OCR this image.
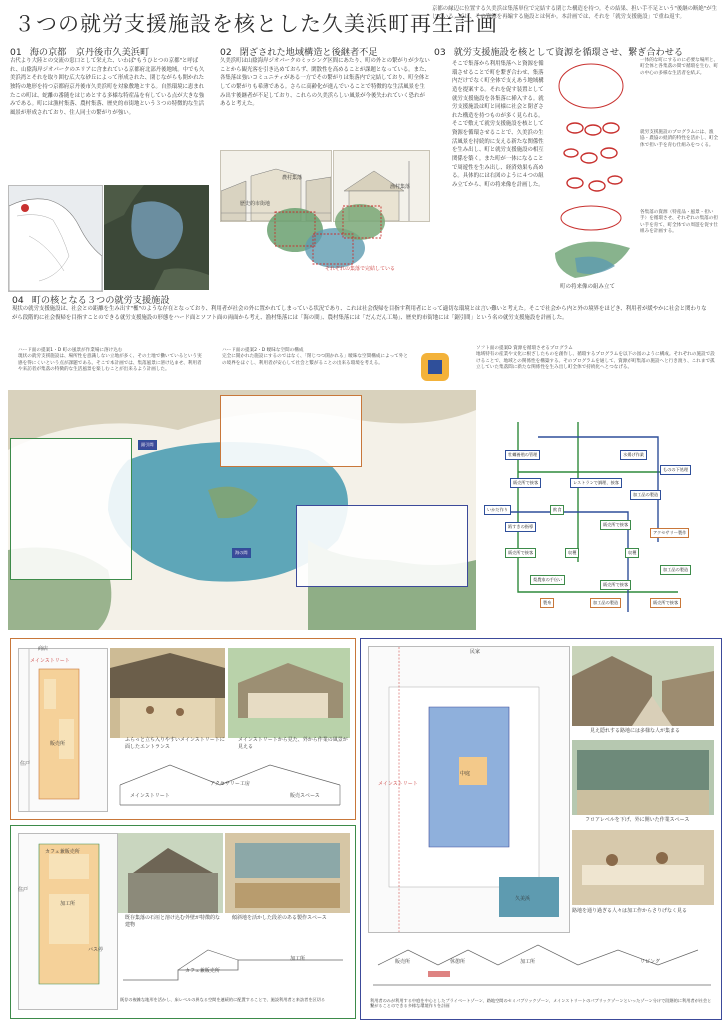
３つの就労支援施設を核とした久美浜町再生計画
京都の縁辺に位置する久美浜は集落単位で完結する閉じた構造を持つ。その結果、担い手不足という"後継の断絶"が生じている。では、その資源を再編する施設とは何か。本計画では、それを「就労支援施設」で重ね返す。
01 海の京都　京丹後市久美浜町
古代より大陸との交流の窓口として栄えた、いわば"もうひとつの京都"と呼ばれ、山陰海岸ジオパークのエリアに含まれている京都府北部丹後地域。中でも久美浜湾とそれを取り囲む広大な砂丘によって形成された、閉じながらも開かれた独特の地形を持つ京都府京丹後市久美浜町を対象敷地とする。自然環境に恵まれたこの町は、蛇離の番随をはじめとする多様な特産品を有している点が大きな強みである。町には漁村集落、農村集落、歴史的市街地という３つの特徴的な生活風景が形成されており、住人同士の繋がりが強い。
02 閉ざされた地域構造と後継者不足
久美浜町は山陰海岸ジオパークのミッシング区間にあたり、町の外との繋がりが少ないことから観光客を引き込めておらず、閑散性を高めることが課題となっている。また、各集落は強いコミュニティがある一方でその繋がりは集落内で完結しており、町全体としての繋がりも希薄である。さらに高齢化が進んでいることで特徴的な生活風景を生み出す後継者が不足しており、これらの久美浜らしい風景が今後失われていく恐れがあると考えた。
歴史的市街地
農村集落
漁村集落
それぞれの集落で完結している
03 就労支援施設を核として資源を循環させ、繋ぎ合わせる
そこで集落から利用集落へと資源を循環させることで町を繋ぎ合わせ、集落内だけでなく町全体で支えあう地域構造を提案する。それを促す装置として就労支援施設を各集落に挿入する。就労支援施設は町と同様に社会と閉ざされた構造を持つものが多く見られる。そこで敷えて就労支援施設を核として資源を循環させることで、久美浜の生活風景を持続的に支える新たな関係性を生み出し、町と就労支援施設の相互関係を築く。また町が一体になることで周遊性を生み出し、経済効果も高める。具体的には右図のように４つの組み立てから、町の将来像を計画した。
一体的な町にするのに必要な場所と、町全体と各集落の間で循環を生む、町の中心の多様な生活者を結ぶ。
就労支援施設のプログラムには、漁協・農協の経済的特性を活かし、町全体で担い手を育む仕組みをつくる。
各集落の資源（特産品・風景・担い手）を循環させ、それぞれの集落の担い手を育て、町全体での周遊を促す仕組みを計画する。
町の将来像の組み立て
04 町の核となる３つの就労支援施設
現状の就労支援施設は、社会との距離を生み出す"檻"のような存在となっており、利用者が社会の外に置かれてしまっている状況であり、これは社会復帰を目指す利用者にとって適切な環境とは言い難いと考えた。そこで社会から内と外の境界をほどき、利用者が緩やかに社会と関わりながら段階的に社会復帰を目指すことのできる就労支援施設の形態をハード面とソフト面の両面から考え、漁村集落には「海の間」、農村集落には「だんだん工場」、歴史的市街地には「鋸引間」という名の就労支援施設を計画した。
ハード面の提案1・D 町の風景が作業場に溶け込む
現状の就労支援施設は、場所性を意識しない立地が多く、その土地で働いているという実感を得にくいという点が課題である。そこで本計画では、集落風景に溶け込ませ、利用者や来訪者が集落の特徴的な生活風景を楽しむことが出来るよう計画した。
ハード面の提案2・D 曖昧な空間の構成
完全に開かれた施設にするのではなく、「閉じつつ開かれる」曖昧な空間構成によって外との境界をほぐし、利用者が安心して社会と繋がることの出来る環境を考える。
ソフト面の提案D 資源を循環させるプログラム
地域特有の産業や文化に根ざしたものを創作し、循環するプログラムを以下の図のように構成。それぞれの施設で設けることで、地域との関係性を構築する。そのプログラムを通して、資源が町集落の施設へと行き渡り、これまで孤立していた集落間に新たな関係性を生み出し町全体で持続化へとつなげる。
鋸引間
海の間
牡蠣養殖の管理	水揚げ作業
ものの下処理
販売所で接客	レストランで調理、接客
加工品の製造
いかだ作り	飲食
販売所で接客
紙すきの指導
アクセサリー製作
販売所で接客	収穫	収穫
加工品の製造
梨農家の手伝い
販売所で接客
製糸	加工品の製造	販売所で接客
商店
メインストリート
住戸
販売所
ふらっと立ち入りやすいメインストリートに面したエントランス
メインストリートから見た、外から作業の風景が見える
メインストリート
アクセサリー工房
販売スペース
住戸
カフェ兼販売所
加工所
バス停
既存集落の石垣と溶け込む外壁が特徴的な建物
傾斜地を活かした段差のある製作スペース
カフェ兼販売所
加工所
既存の複雑な地形を活かし、床レベルの異なる空間を連続的に配置することで、施設利用者と来訪者を区切る
民家
メインストリート
久美浜
中庭
見え隠れする路地には多様な人が集まる
フロアレベルを下げ、外に開いた作業スペース
路地を通り過ぎる人々は加工作からさりげなく見る
販売所	休憩所	加工所	リビング
利用者のみが利用する中庭を中心としたプライベートゾーン、路地空間のセミパブリックゾーン、メインストリートのパブリックゾーンといったゾーン分けで段階的に利用者が社会と繋がることのできる多様な環境作りを計画
